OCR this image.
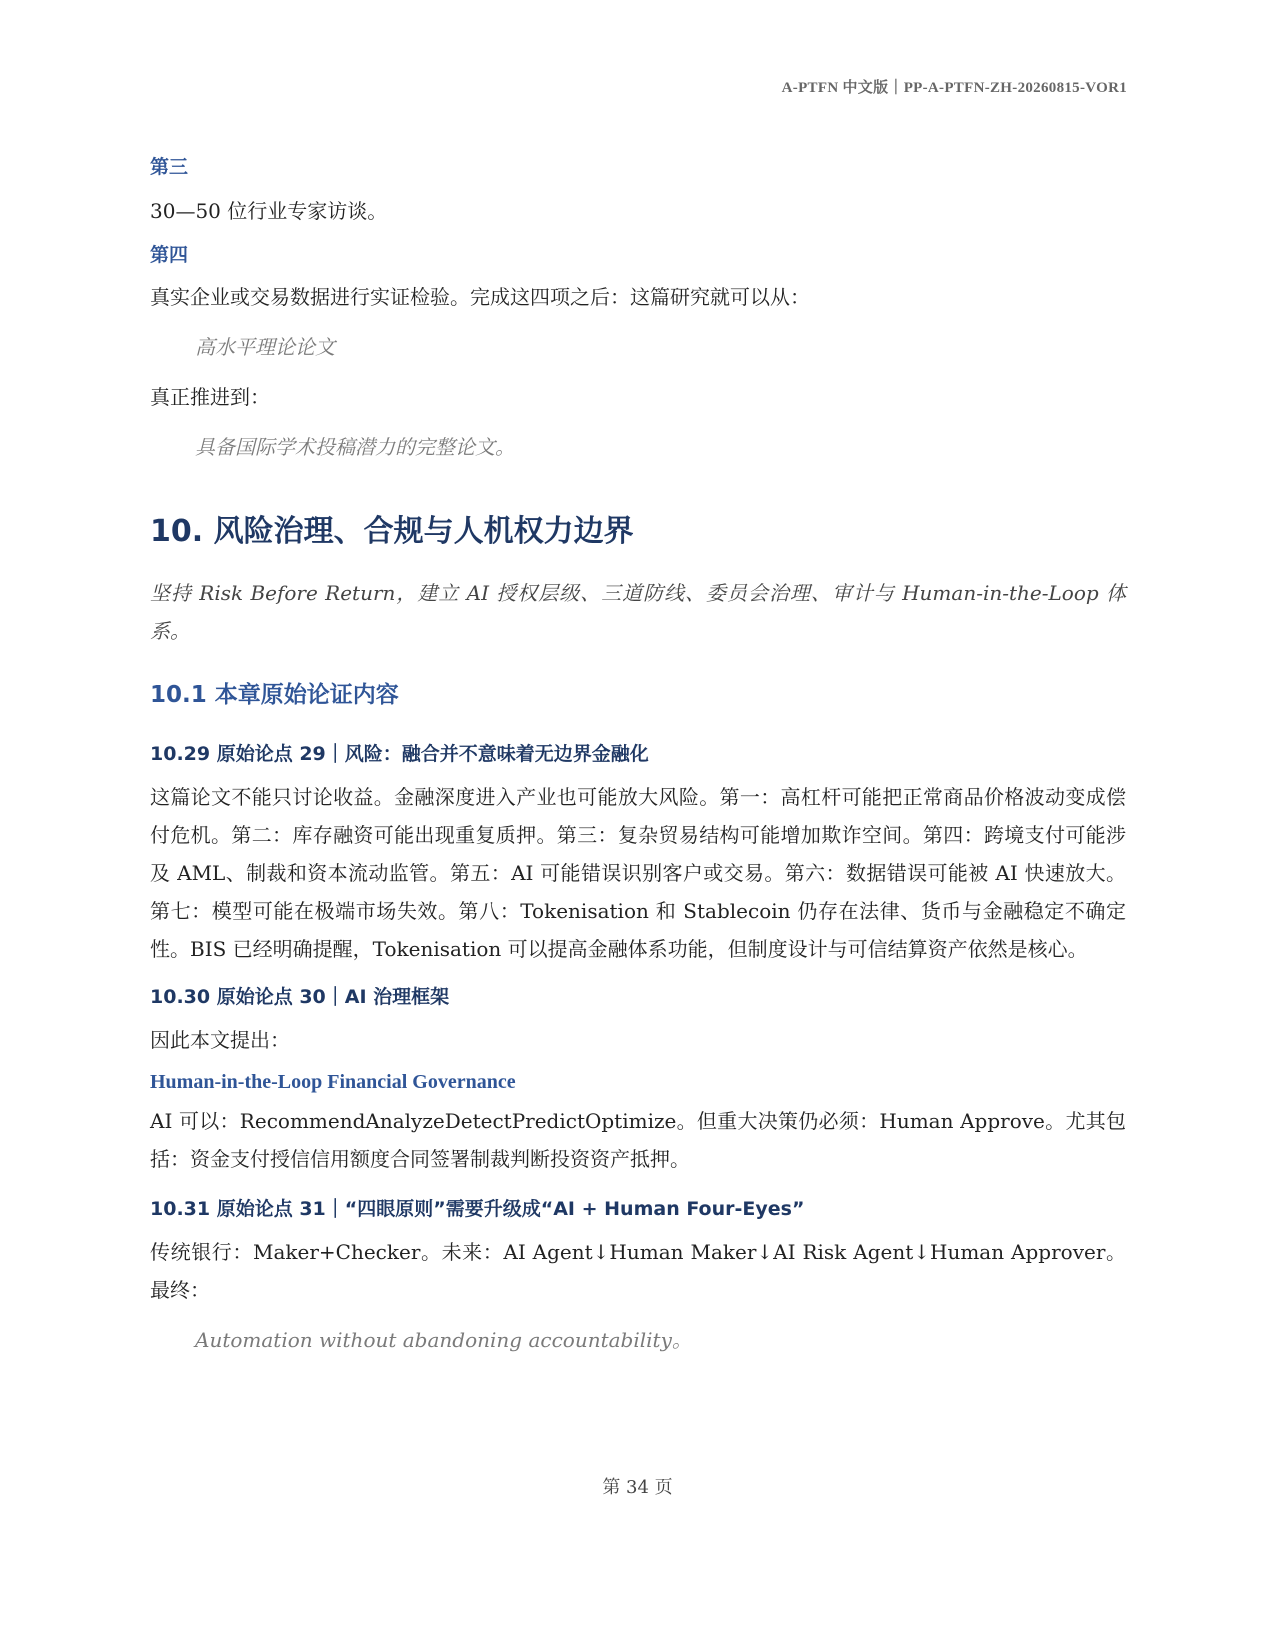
A-PTFN 中文版｜PP-A-PTFN-ZH-20260815-VOR1
第三

30—50 位行业专家访谈。

第四

真实企业或交易数据进行实证检验。完成这四项之后：这篇研究就可以从：

高水平理论论文

真正推进到：

具备国际学术投稿潜力的完整论文。
10. 风险治理、合规与人机权力边界

坚持 Risk Before Return，建立 AI 授权层级、三道防线、委员会治理、审计与 Human-in-the-Loop 体系。

10.1 本章原始论证内容
10.29 原始论点 29｜风险：融合并不意味着无边界金融化

这篇论文不能只讨论收益。金融深度进入产业也可能放大风险。第一：高杠杆可能把正常商品价格波动变成偿付危机。第二：库存融资可能出现重复质押。第三：复杂贸易结构可能增加欺诈空间。第四：跨境支付可能涉及 AML、制裁和资本流动监管。第五：AI 可能错误识别客户或交易。第六：数据错误可能被 AI 快速放大。第七：模型可能在极端市场失效。第八：Tokenisation 和 Stablecoin 仍存在法律、货币与金融稳定不确定性。BIS 已经明确提醒，Tokenisation 可以提高金融体系功能，但制度设计与可信结算资产依然是核心。

10.30 原始论点 30｜AI 治理框架

因此本文提出：

Human-in-the-Loop Financial Governance

AI 可以：RecommendAnalyzeDetectPredictOptimize。但重大决策仍必须：Human Approve。尤其包括：资金支付授信信用额度合同签署制裁判断投资资产抵押。

10.31 原始论点 31｜“四眼原则”需要升级成“AI + Human Four-Eyes”

传统银行：Maker+Checker。未来：AI Agent↓Human Maker↓AI Risk Agent↓Human Approver。最终：

Automation without abandoning accountability。
第 34 页
